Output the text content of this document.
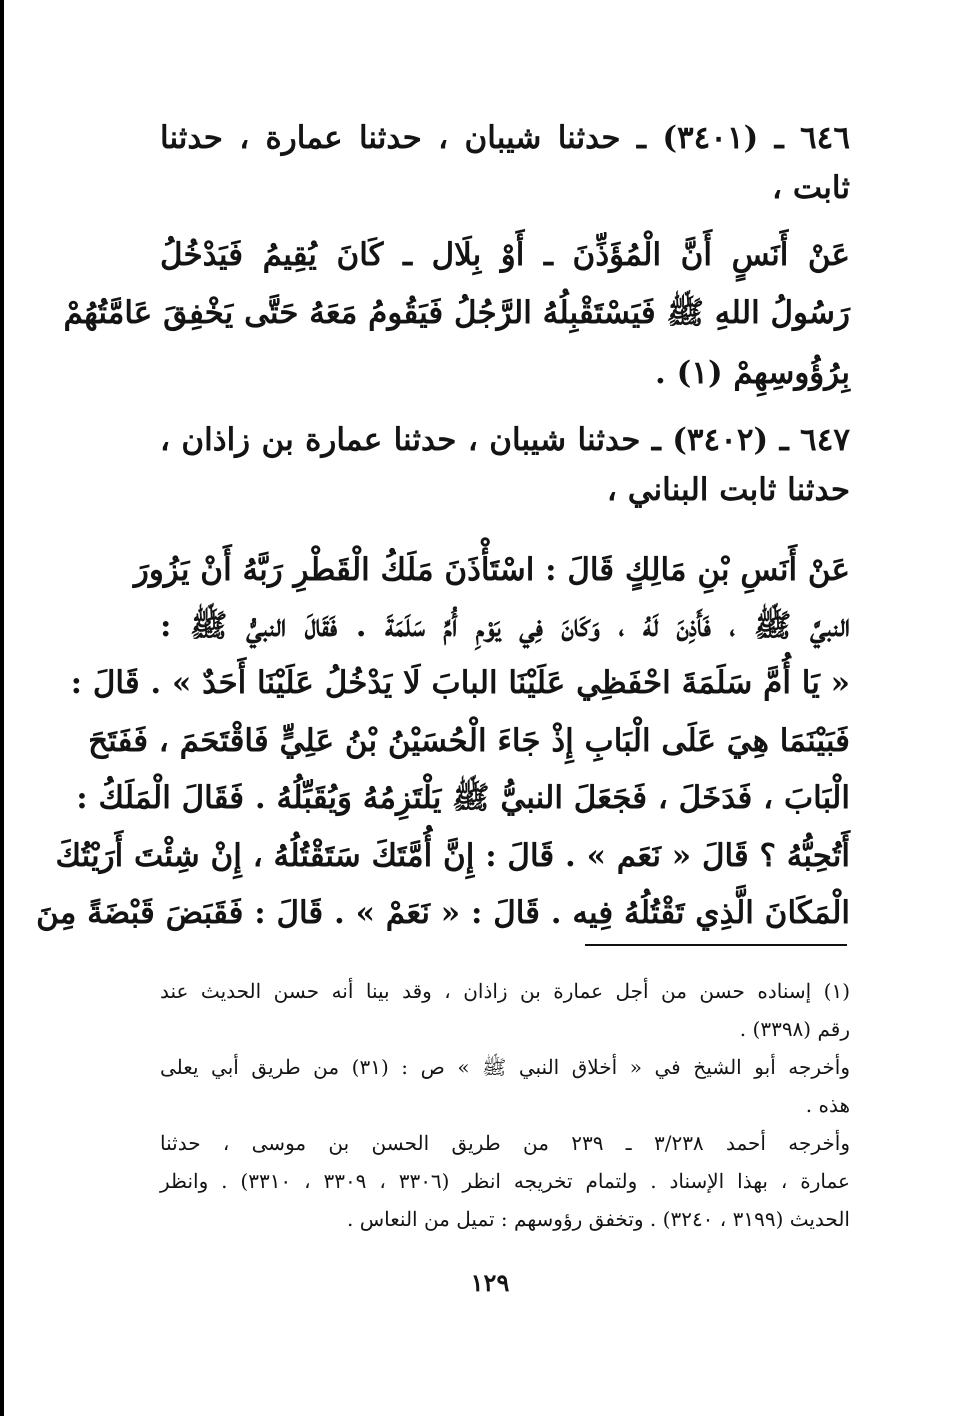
٦٤٦ ـ (٣٤٠١) ـ حدثنا شيبان ، حدثنا عمارة ، حدثنا
ثابت ،
عَنْ أَنَسٍ أَنَّ الْمُؤَذِّنَ ـ أَوْ بِلَال ـ كَانَ يُقِيمُ فَيَدْخُلُ
رَسُولُ اللهِ ﷺ فَيَسْتَقْبِلُهُ الرَّجُلُ فَيَقُومُ مَعَهُ حَتَّى يَخْفِقَ عَامَّتُهُمْ
بِرُؤُوسِهِمْ (١) .
٦٤٧ ـ (٣٤٠٢) ـ حدثنا شيبان ، حدثنا عمارة بن زاذان ،
حدثنا ثابت البناني ،
عَنْ أَنَسِ بْنِ مَالِكٍ قَالَ : اسْتَأْذَنَ مَلَكُ الْقَطْرِ رَبَّهُ أَنْ يَزُورَ
النبيَّ ﷺ ، فَأَذِنَ لَهُ ، وَكَانَ فِي يَوْمِ أُمِّ سَلَمَةَ . فَقَالَ النبيُّ ﷺ :
« يَا أُمَّ سَلَمَةَ احْفَظِي عَلَيْنَا البابَ لَا يَدْخُلُ عَلَيْنَا أَحَدٌ » . قَالَ :
فَبَيْنَمَا هِيَ عَلَى الْبَابِ إِذْ جَاءَ الْحُسَيْنُ بْنُ عَلِيٍّ فَاقْتَحَمَ ، فَفَتَحَ
الْبَابَ ، فَدَخَلَ ، فَجَعَلَ النبيُّ ﷺ يَلْتَزِمُهُ وَيُقَبِّلُهُ . فَقَالَ الْمَلَكُ :
أَتُحِبُّهُ ؟ قَالَ « نَعَم » . قَالَ : إِنَّ أُمَّتَكَ سَتَقْتُلُهُ ، إِنْ شِئْتَ أَرَيْتُكَ
الْمَكَانَ الَّذِي تَقْتُلُهُ فِيه . قَالَ : « نَعَمْ » . قَالَ : فَقَبَضَ قَبْضَةً مِنَ
(١) إسناده حسن من أجل عمارة بن زاذان ، وقد بينا أنه حسن الحديث عند
رقم (٣٣٩٨) .
وأخرجه أبو الشيخ في « أخلاق النبي ﷺ » ص : (٣١) من طريق أبي يعلى
هذه .
وأخرجه أحمد ٣/٢٣٨ ـ ٢٣٩ من طريق الحسن بن موسى ، حدثنا
عمارة ، بهذا الإسناد . ولتمام تخريجه انظر (٣٣٠٦ ، ٣٣٠٩ ، ٣٣١٠) . وانظر
الحديث (٣١٩٩ ، ٣٢٤٠) . وتخفق رؤوسهم : تميل من النعاس .
١٢٩
